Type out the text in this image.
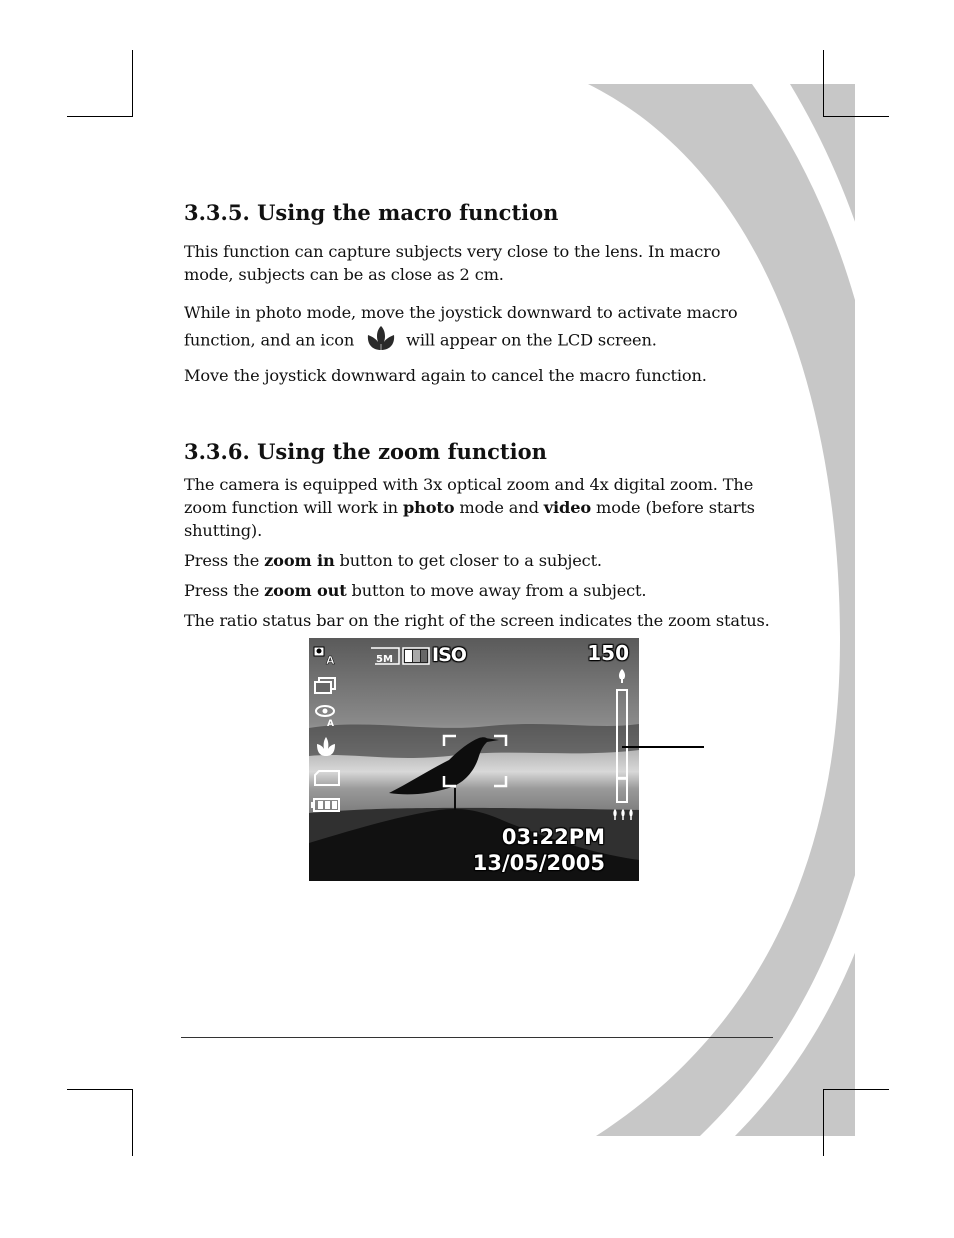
3.3.5. Using the macro function

This function can capture subjects very close to the lens. In macro mode, subjects can be as close as 2 cm.

While in photo mode, move the joystick downward to activate macro function, and an icon	will appear on the LCD screen.

Move the joystick downward again to cancel the macro function.

3.3.6. Using the zoom function

The camera is equipped with 3x optical zoom and 4x digital zoom. The zoom function will work in photo mode and video mode (before starts shutting).

Press the zoom in button to get closer to a subject.

Press the zoom out button to move away from a subject.

The ratio status bar on the right of the screen indicates the zoom status.

A
A
5M ISO	150
03:22PM
13/05/2005
